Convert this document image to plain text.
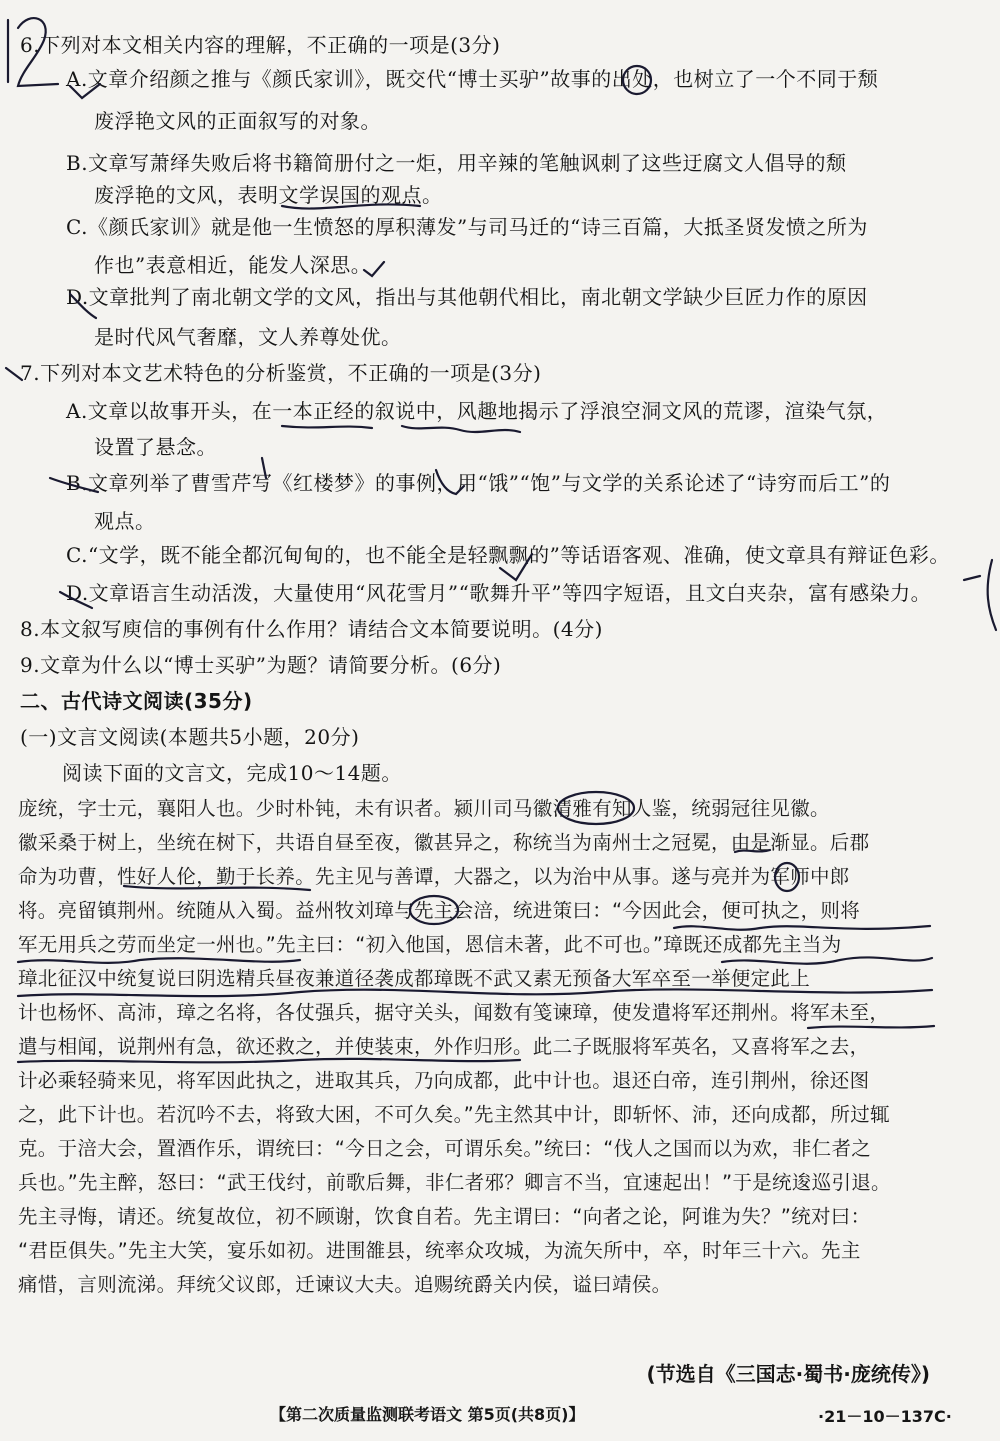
6.下列对本文相关内容的理解，不正确的一项是(3分)
A.文章介绍颜之推与《颜氏家训》，既交代“博士买驴”故事的出处，也树立了一个不同于颓
废浮艳文风的正面叙写的对象。
B.文章写萧绎失败后将书籍简册付之一炬，用辛辣的笔触讽刺了这些迂腐文人倡导的颓
废浮艳的文风，表明文学误国的观点。
C.《颜氏家训》就是他一生愤怒的厚积薄发”与司马迁的“诗三百篇，大抵圣贤发愤之所为
作也”表意相近，能发人深思。
D.文章批判了南北朝文学的文风，指出与其他朝代相比，南北朝文学缺少巨匠力作的原因
是时代风气奢靡，文人养尊处优。
7.下列对本文艺术特色的分析鉴赏，不正确的一项是(3分)
A.文章以故事开头，在一本正经的叙说中，风趣地揭示了浮浪空洞文风的荒谬，渲染气氛，
设置了悬念。
B.文章列举了曹雪芹写《红楼梦》的事例，用“饿”“饱”与文学的关系论述了“诗穷而后工”的
观点。
C.“文学，既不能全都沉甸甸的，也不能全是轻飘飘的”等话语客观、准确，使文章具有辩证色彩。
D.文章语言生动活泼，大量使用“风花雪月”“歌舞升平”等四字短语，且文白夹杂，富有感染力。
8.本文叙写庾信的事例有什么作用？请结合文本简要说明。(4分)
9.文章为什么以“博士买驴”为题？请简要分析。(6分)
二、古代诗文阅读(35分)
(一)文言文阅读(本题共5小题，20分)
阅读下面的文言文，完成10～14题。
庞统，字士元，襄阳人也。少时朴钝，未有识者。颍川司马徽清雅有知人鉴，统弱冠往见徽。
徽采桑于树上，坐统在树下，共语自昼至夜，徽甚异之，称统当为南州士之冠冕，由是渐显。后郡
命为功曹，性好人伦，勤于长养。先主见与善谭，大器之，以为治中从事。遂与亮并为军师中郎
将。亮留镇荆州。统随从入蜀。益州牧刘璋与先主会涪，统进策曰：“今因此会，便可执之，则将
军无用兵之劳而坐定一州也。”先主曰：“初入他国，恩信未著，此不可也。”璋既还成都先主当为
璋北征汉中统复说曰阴选精兵昼夜兼道径袭成都璋既不武又素无预备大军卒至一举便定此上
计也杨怀、高沛，璋之名将，各仗强兵，据守关头，闻数有笺谏璋，使发遣将军还荆州。将军未至，
遣与相闻，说荆州有急，欲还救之，并使装束，外作归形。此二子既服将军英名，又喜将军之去，
计必乘轻骑来见，将军因此执之，进取其兵，乃向成都，此中计也。退还白帝，连引荆州，徐还图
之，此下计也。若沉吟不去，将致大困，不可久矣。”先主然其中计，即斩怀、沛，还向成都，所过辄
克。于涪大会，置酒作乐，谓统曰：“今日之会，可谓乐矣。”统曰：“伐人之国而以为欢，非仁者之
兵也。”先主醉，怒曰：“武王伐纣，前歌后舞，非仁者邪？卿言不当，宜速起出！”于是统逡巡引退。
先主寻悔，请还。统复故位，初不顾谢，饮食自若。先主谓曰：“向者之论，阿谁为失？”统对曰：
“君臣俱失。”先主大笑，宴乐如初。进围雒县，统率众攻城，为流矢所中，卒，时年三十六。先主
痛惜，言则流涕。拜统父议郎，迁谏议大夫。追赐统爵关内侯，谥曰靖侯。
(节选自《三国志·蜀书·庞统传》)
【第二次质量监测联考语文 第5页(共8页)】	·21－10－137C·
